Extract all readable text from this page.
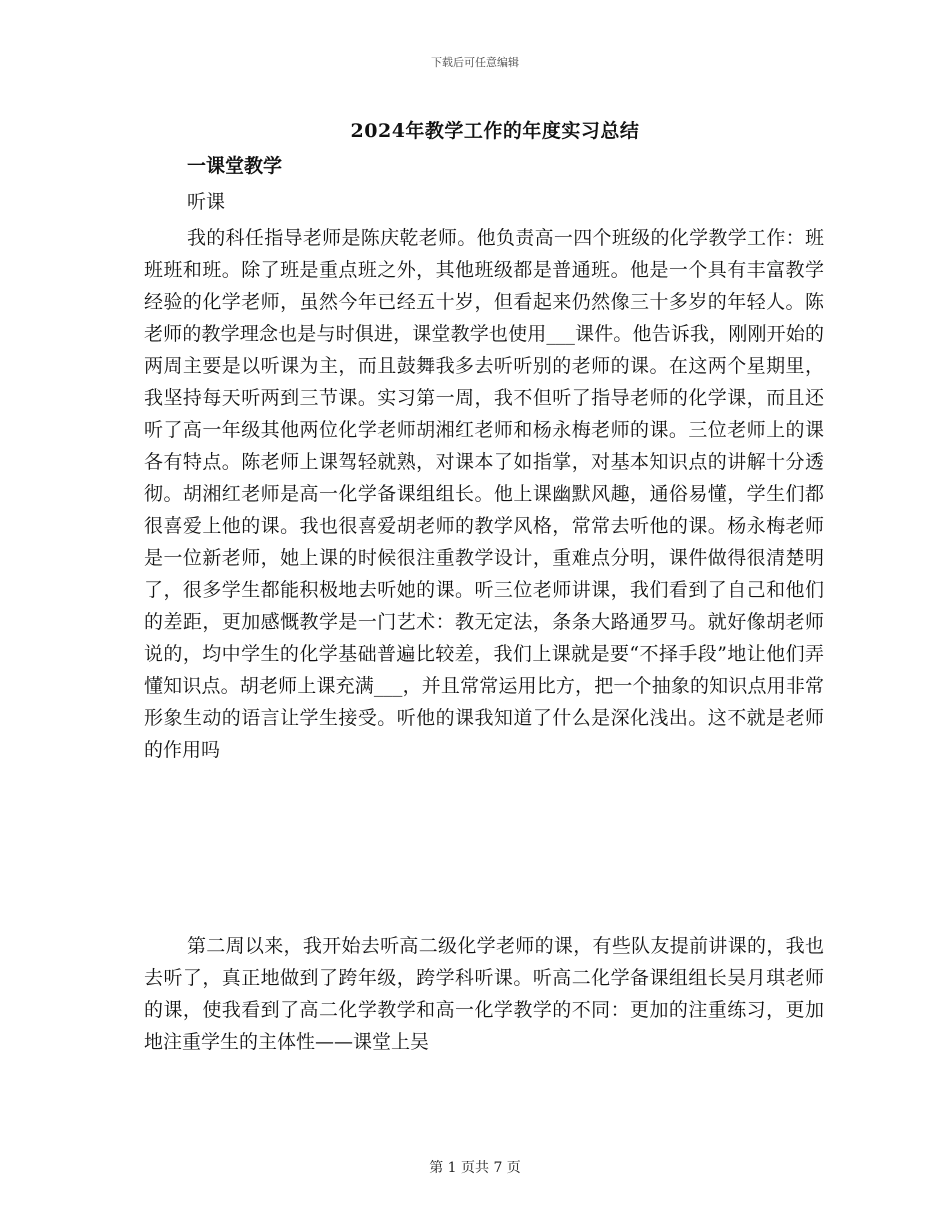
下载后可任意编辑
2024年教学工作的年度实习总结
一课堂教学
听课

我的科任指导老师是陈庆乾老师。他负责高一四个班级的化学教学工作：班班班和班。除了班是重点班之外，其他班级都是普通班。他是一个具有丰富教学经验的化学老师，虽然今年已经五十岁，但看起来仍然像三十多岁的年轻人。陈老师的教学理念也是与时俱进，课堂教学也使用___课件。他告诉我，刚刚开始的两周主要是以听课为主，而且鼓舞我多去听听别的老师的课。在这两个星期里，我坚持每天听两到三节课。实习第一周，我不但听了指导老师的化学课，而且还听了高一年级其他两位化学老师胡湘红老师和杨永梅老师的课。三位老师上的课各有特点。陈老师上课驾轻就熟，对课本了如指掌，对基本知识点的讲解十分透彻。胡湘红老师是高一化学备课组组长。他上课幽默风趣，通俗易懂，学生们都很喜爱上他的课。我也很喜爱胡老师的教学风格，常常去听他的课。杨永梅老师是一位新老师，她上课的时候很注重教学设计，重难点分明，课件做得很清楚明了，很多学生都能积极地去听她的课。听三位老师讲课，我们看到了自己和他们的差距，更加感慨教学是一门艺术：教无定法，条条大路通罗马。就好像胡老师说的，均中学生的化学基础普遍比较差，我们上课就是要“不择手段”地让他们弄懂知识点。胡老师上课充满___，并且常常运用比方，把一个抽象的知识点用非常形象生动的语言让学生接受。听他的课我知道了什么是深化浅出。这不就是老师的作用吗

第二周以来，我开始去听高二级化学老师的课，有些队友提前讲课的，我也去听了，真正地做到了跨年级，跨学科听课。听高二化学备课组组长吴月琪老师的课，使我看到了高二化学教学和高一化学教学的不同：更加的注重练习，更加地注重学生的主体性——课堂上吴

第 1 页共 7 页
